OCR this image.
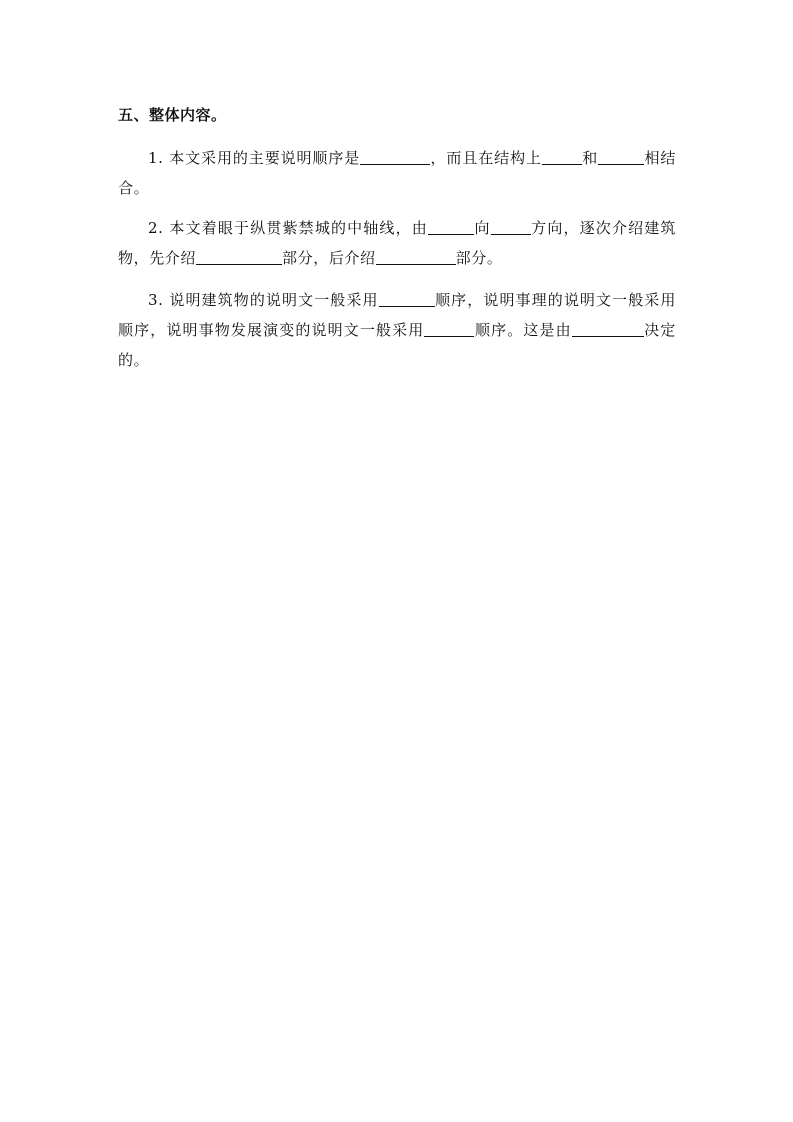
五、整体内容。
1. 本文采用的主要说明顺序是	，而且在结构上	和	相结合。
2. 本文着眼于纵贯紫禁城的中轴线，由	向	方向，逐次介绍建筑物，先介绍	部分，后介绍	部分。
3. 说明建筑物的说明文一般采用	顺序，说明事理的说明文一般采用顺序，说明事物发展演变的说明文一般采用	顺序。这是由	决定的。
